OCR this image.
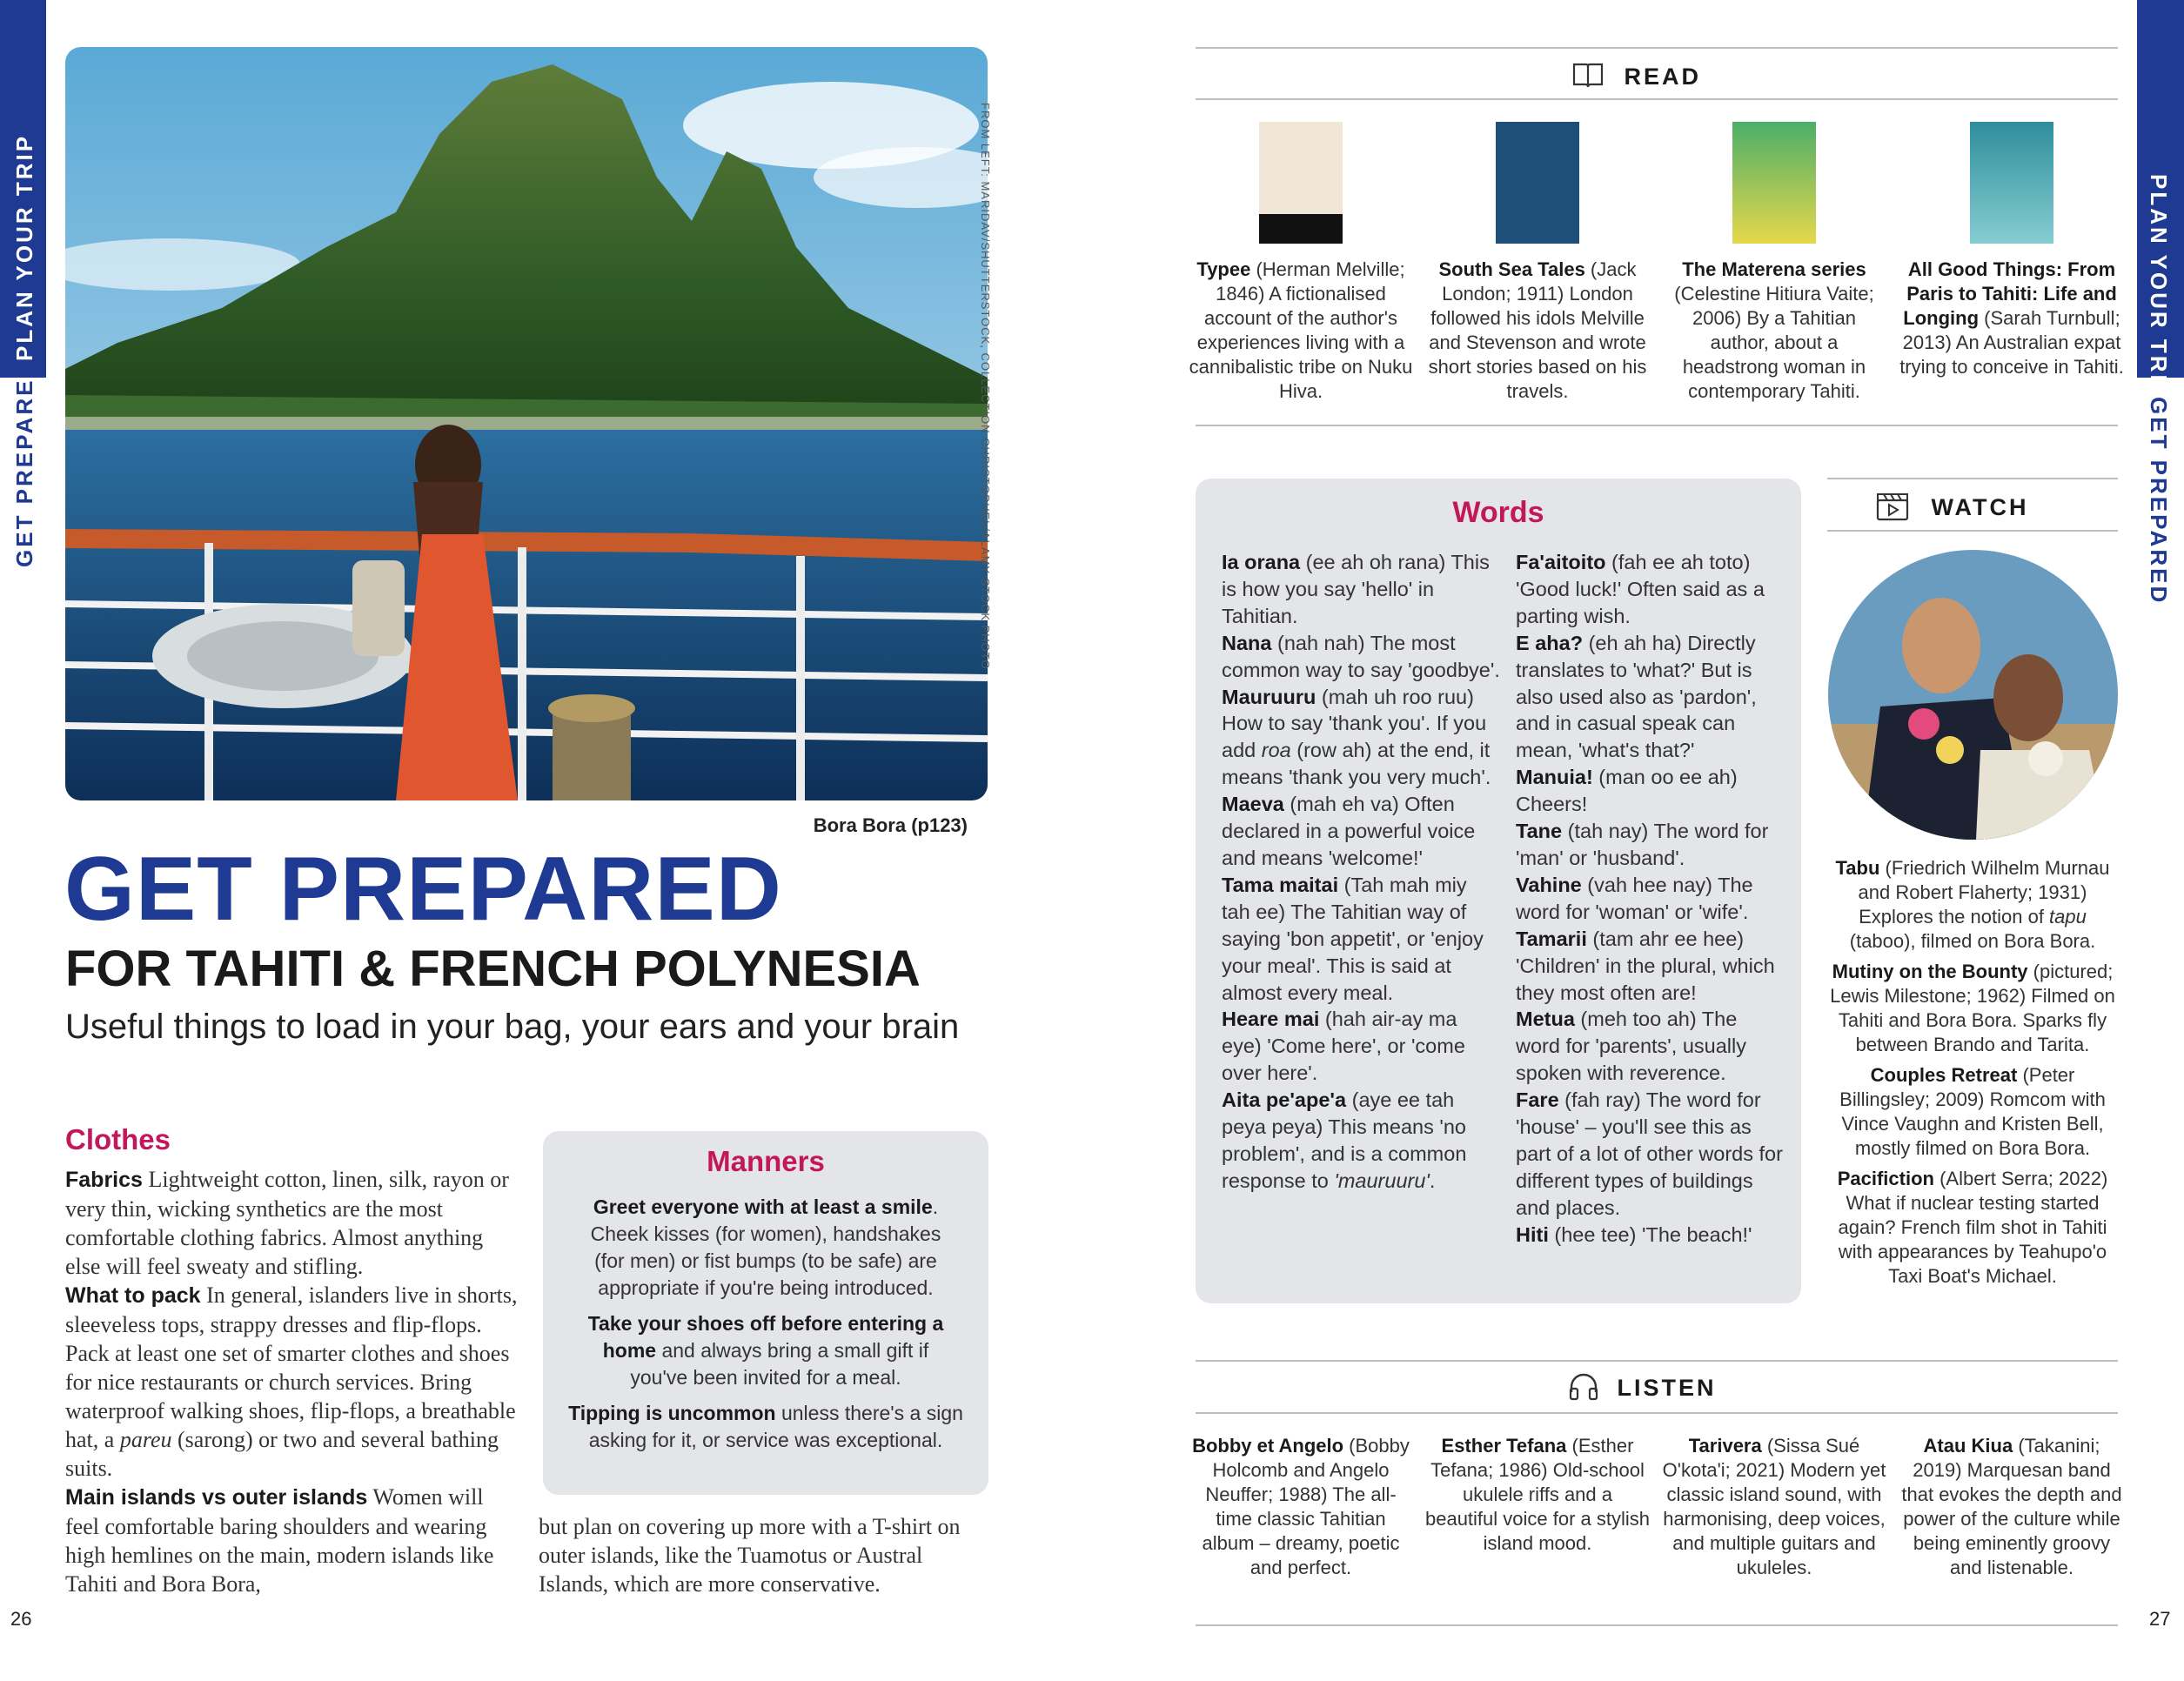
PLAN YOUR TRIP
GET PREPARED
PLAN YOUR TRIP
GET PREPARED
FROM LEFT: MARIDAV/SHUTTERSTOCK, COLLECTION CHRISTOPHEL/ALAMY STOCK PHOTO
Bora Bora (p123)
GET PREPARED
FOR TAHITI & FRENCH POLYNESIA
Useful things to load in your bag, your ears and your brain
Clothes
Fabrics Lightweight cotton, linen, silk, rayon or very thin, wicking synthetics are the most comfortable clothing fabrics. Almost anything else will feel sweaty and stifling.
What to pack In general, islanders live in shorts, sleeveless tops, strappy dresses and flip-flops. Pack at least one set of smarter clothes and shoes for nice restaurants or church services. Bring waterproof walking shoes, flip-flops, a breathable hat, a pareu (sarong) or two and several bathing suits.
Main islands vs outer islands Women will feel comfortable baring shoulders and wearing high hemlines on the main, modern islands like Tahiti and Bora Bora,
but plan on covering up more with a T-shirt on outer islands, like the Tuamotus or Austral Islands, which are more conservative.
Manners
Greet everyone with at least a smile. Cheek kisses (for women), handshakes (for men) or fist bumps (to be safe) are appropriate if you're being introduced.
Take your shoes off before entering a home and always bring a small gift if you've been invited for a meal.
Tipping is uncommon unless there's a sign asking for it, or service was exceptional.
READ
Typee (Herman Melville; 1846) A fictionalised account of the author's experiences living with a cannibalistic tribe on Nuku Hiva.
South Sea Tales (Jack London; 1911) London followed his idols Melville and Stevenson and wrote short stories based on his travels.
The Materena series (Celestine Hitiura Vaite; 2006) By a Tahitian author, about a headstrong woman in contemporary Tahiti.
All Good Things: From Paris to Tahiti: Life and Longing (Sarah Turnbull; 2013) An Australian expat trying to conceive in Tahiti.
Words
Ia orana (ee ah oh rana) This is how you say 'hello' in Tahitian.
Nana (nah nah) The most common way to say 'goodbye'.
Mauruuru (mah uh roo ruu) How to say 'thank you'. If you add roa (row ah) at the end, it means 'thank you very much'.
Maeva (mah eh va) Often declared in a powerful voice and means 'welcome!'
Tama maitai (Tah mah miy tah ee) The Tahitian way of saying 'bon appetit', or 'enjoy your meal'. This is said at almost every meal.
Heare mai (hah air-ay ma eye) 'Come here', or 'come over here'.
Aita pe'ape'a (aye ee tah peya peya) This means 'no problem', and is a common response to 'mauruuru'.
Fa'aitoito (fah ee ah toto) 'Good luck!' Often said as a parting wish.
E aha? (eh ah ha) Directly translates to 'what?' But is also used also as 'pardon', and in casual speak can mean, 'what's that?'
Manuia! (man oo ee ah) Cheers!
Tane (tah nay) The word for 'man' or 'husband'.
Vahine (vah hee nay) The word for 'woman' or 'wife'.
Tamarii (tam ahr ee hee) 'Children' in the plural, which they most often are!
Metua (meh too ah) The word for 'parents', usually spoken with reverence.
Fare (fah ray) The word for 'house' – you'll see this as part of a lot of other words for different types of buildings and places.
Hiti (hee tee) 'The beach!'
WATCH
Tabu (Friedrich Wilhelm Murnau and Robert Flaherty; 1931) Explores the notion of tapu (taboo), filmed on Bora Bora.
Mutiny on the Bounty (pictured; Lewis Milestone; 1962) Filmed on Tahiti and Bora Bora. Sparks fly between Brando and Tarita.
Couples Retreat (Peter Billingsley; 2009) Romcom with Vince Vaughn and Kristen Bell, mostly filmed on Bora Bora.
Pacifiction (Albert Serra; 2022) What if nuclear testing started again? French film shot in Tahiti with appearances by Teahupo'o Taxi Boat's Michael.
LISTEN
Bobby et Angelo (Bobby Holcomb and Angelo Neuffer; 1988) The all-time classic Tahitian album – dreamy, poetic and perfect.
Esther Tefana (Esther Tefana; 1986) Old-school ukulele riffs and a beautiful voice for a stylish island mood.
Tarivera (Sissa Sué O'kota'i; 2021) Modern yet classic island sound, with harmonising, deep voices, and multiple guitars and ukuleles.
Atau Kiua (Takanini; 2019) Marquesan band that evokes the depth and power of the culture while being eminently groovy and listenable.
26	27
